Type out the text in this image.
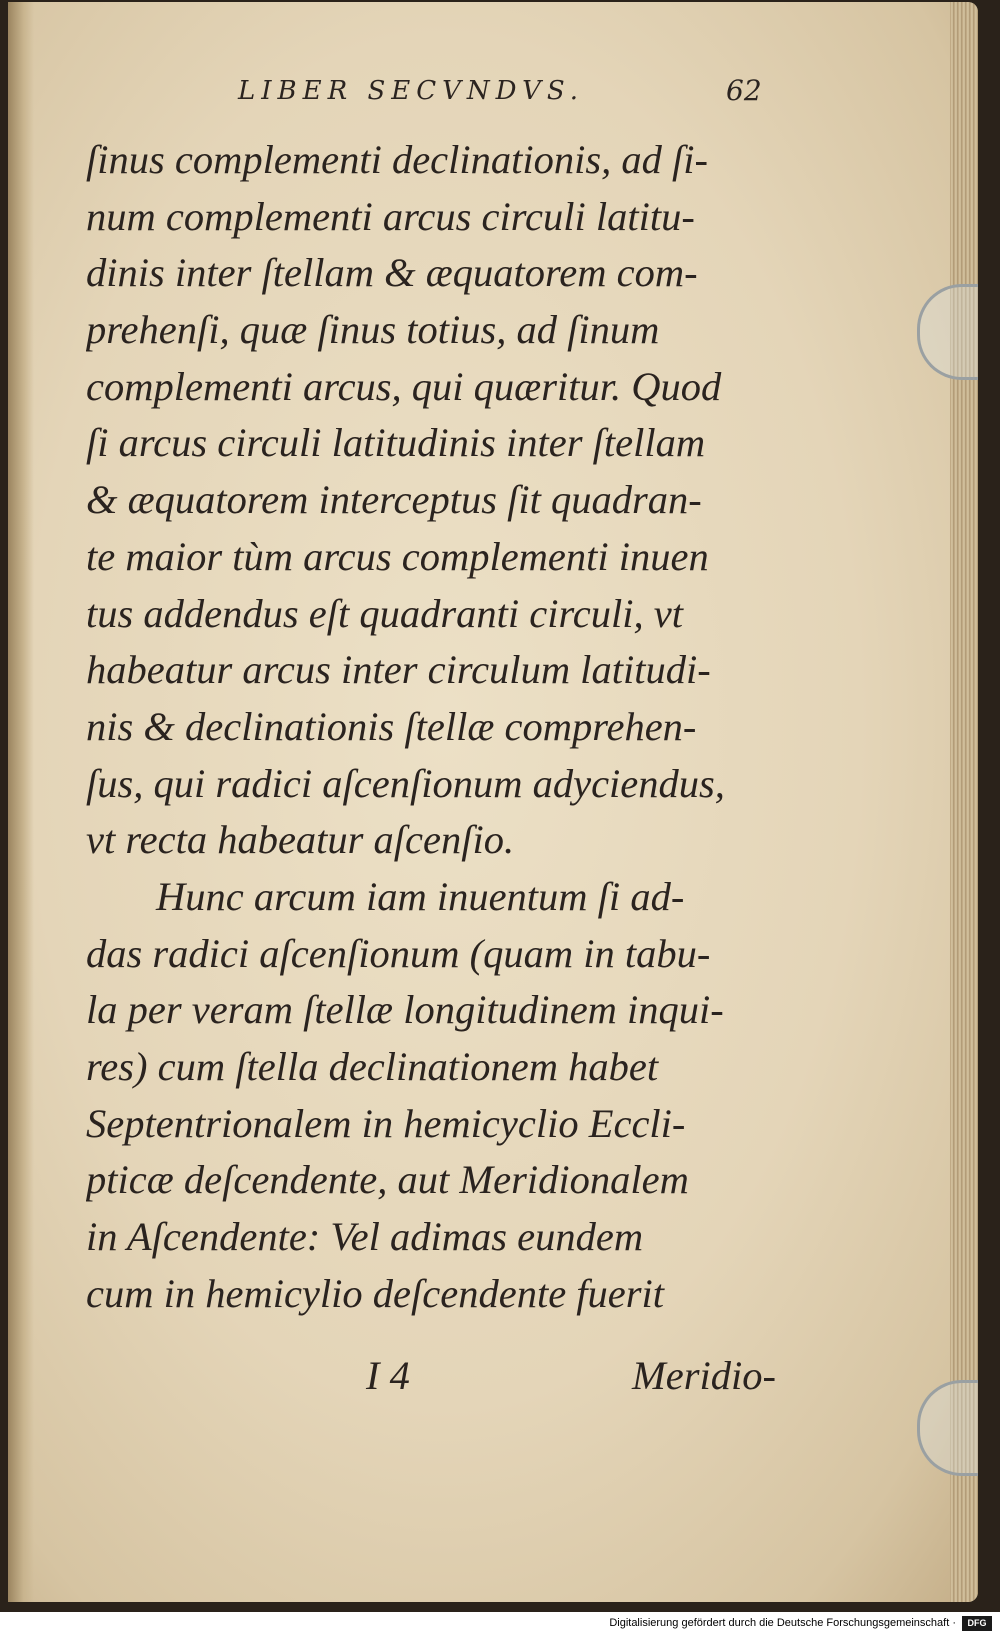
LIBER SECVNDVS.	62
ſinus complementi declinationis, ad ſi-
num complementi arcus circuli latitu-
dinis inter ſtellam & æquatorem com-
prehenſi, quæ ſinus totius, ad ſinum
complementi arcus, qui quæritur. Quod
ſi arcus circuli latitudinis inter ſtellam
& æquatorem interceptus ſit quadran-
te maior tùm arcus complementi inuen
tus addendus eſt quadranti circuli, vt
habeatur arcus inter circulum latitudi-
nis & declinationis ſtellæ comprehen-
ſus, qui radici aſcenſionum adyciendus,
vt recta habeatur aſcenſio.
Hunc arcum iam inuentum ſi ad-
das radici aſcenſionum (quam in tabu-
la per veram ſtellæ longitudinem inqui-
res) cum ſtella declinationem habet
Septentrionalem in hemicyclio Eccli-
pticæ deſcendente, aut Meridionalem
in Aſcendente: Vel adimas eundem
cum in hemicylio deſcendente fuerit
I 4	Meridio-
Digitalisierung gefördert durch die Deutsche Forschungsgemeinschaft ·	DFG
